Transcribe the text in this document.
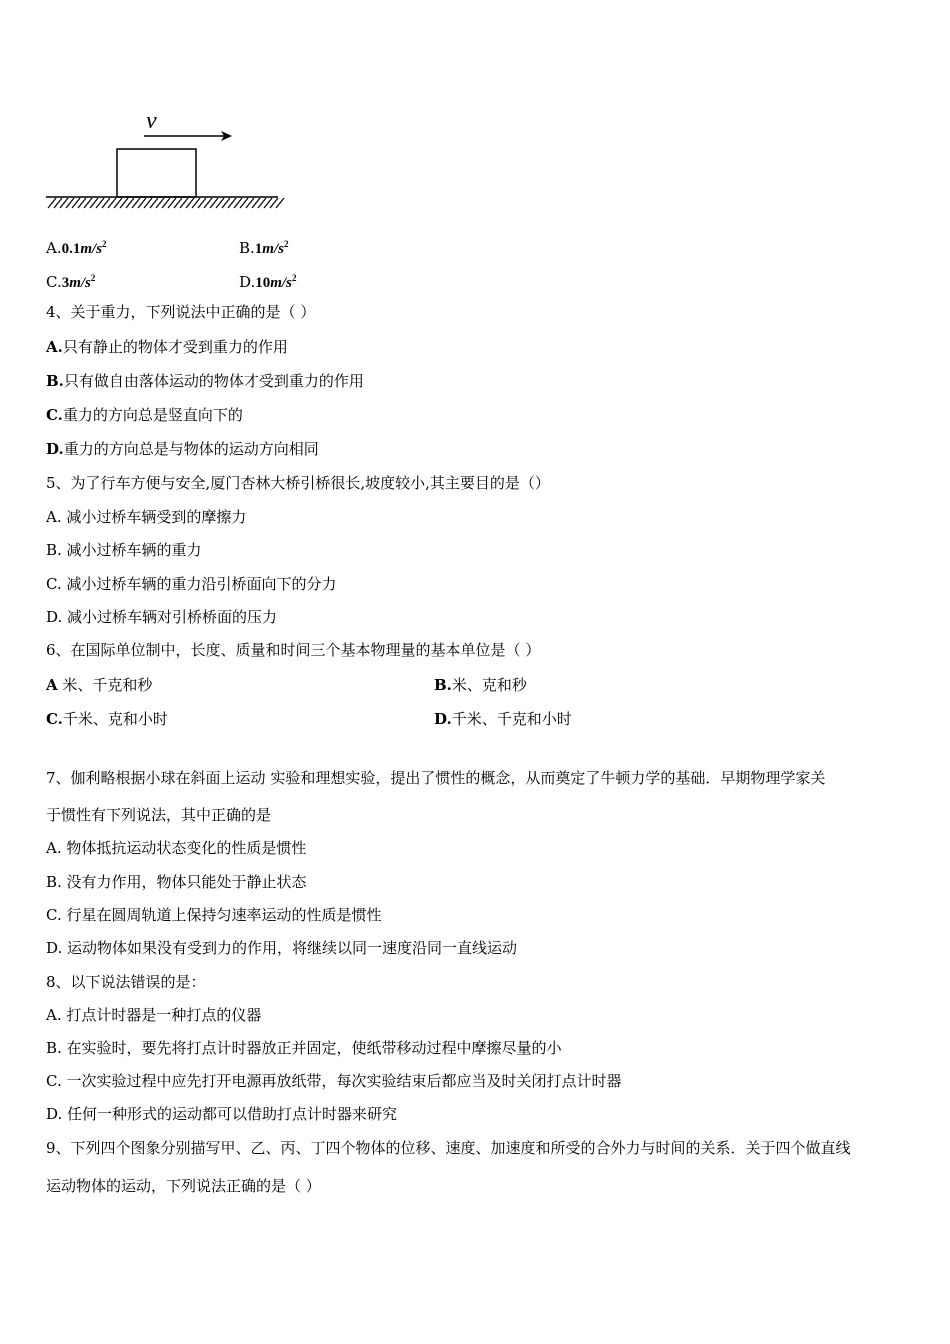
v
$A.0.1m/s^2$	$B.1m/s^2$
$C.3m/s^2$	$D.10m/s^2$
4、关于重力，下列说法中正确的是（ ）
A.只有静止的物体才受到重力的作用
B.只有做自由落体运动的物体才受到重力的作用
C.重力的方向总是竖直向下的
D.重力的方向总是与物体的运动方向相同
5、为了行车方便与安全,厦门杏林大桥引桥很长,坡度较小,其主要目的是（）
A. 减小过桥车辆受到的摩擦力
B. 减小过桥车辆的重力
C. 减小过桥车辆的重力沿引桥面向下的分力
D. 减小过桥车辆对引桥桥面的压力
6、在国际单位制中，长度、质量和时间三个基本物理量的基本单位是（ ）
A 米、千克和秒	B.米、克和秒
C.千米、克和小时	D.千米、千克和小时
7、伽利略根据小球在斜面上运动 实验和理想实验，提出了惯性的概念，从而奠定了牛顿力学的基础．早期物理学家关
于惯性有下列说法，其中正确的是
A. 物体抵抗运动状态变化的性质是惯性
B. 没有力作用，物体只能处于静止状态
C. 行星在圆周轨道上保持匀速率运动的性质是惯性
D. 运动物体如果没有受到力的作用，将继续以同一速度沿同一直线运动
8、以下说法错误的是：
A. 打点计时器是一种打点的仪器
B. 在实验时，要先将打点计时器放正并固定，使纸带移动过程中摩擦尽量的小
C. 一次实验过程中应先打开电源再放纸带，每次实验结束后都应当及时关闭打点计时器
D. 任何一种形式的运动都可以借助打点计时器来研究
9、下列四个图象分别描写甲、乙、丙、丁四个物体的位移、速度、加速度和所受的合外力与时间的关系．关于四个做直线
运动物体的运动，下列说法正确的是（ ）
